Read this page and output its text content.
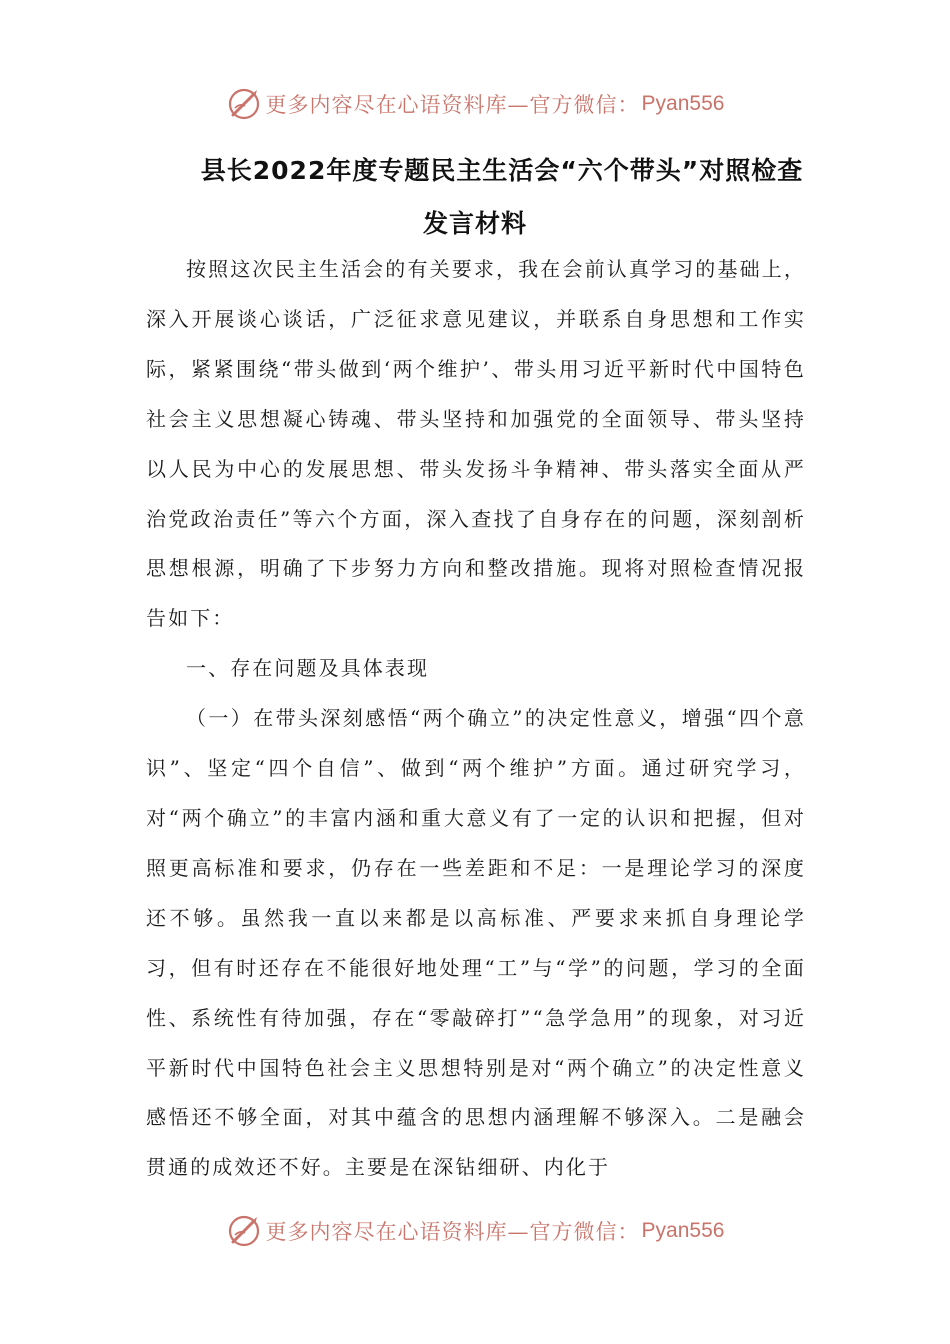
更多内容尽在心语资料库—官方微信： Pyan556
县长2022年度专题民主生活会“六个带头”对照检查
发言材料

按照这次民主生活会的有关要求，我在会前认真学习的基础上，深入开展谈心谈话，广泛征求意见建议，并联系自身思想和工作实际，紧紧围绕“带头做到‘两个维护’、带头用习近平新时代中国特色社会主义思想凝心铸魂、带头坚持和加强党的全面领导、带头坚持以人民为中心的发展思想、带头发扬斗争精神、带头落实全面从严治党政治责任”等六个方面，深入查找了自身存在的问题，深刻剖析思想根源，明确了下步努力方向和整改措施。现将对照检查情况报告如下：

一、存在问题及具体表现

（一）在带头深刻感悟“两个确立”的决定性意义，增强“四个意识”、坚定“四个自信”、做到“两个维护”方面。通过研究学习，对“两个确立”的丰富内涵和重大意义有了一定的认识和把握，但对照更高标准和要求，仍存在一些差距和不足：一是理论学习的深度还不够。虽然我一直以来都是以高标准、严要求来抓自身理论学习，但有时还存在不能很好地处理“工”与“学”的问题，学习的全面性、系统性有待加强，存在“零敲碎打”“急学急用”的现象，对习近平新时代中国特色社会主义思想特别是对“两个确立”的决定性意义感悟还不够全面，对其中蕴含的思想内涵理解不够深入。二是融会贯通的成效还不好。主要是在深钻细研、内化于

更多内容尽在心语资料库—官方微信： Pyan556
